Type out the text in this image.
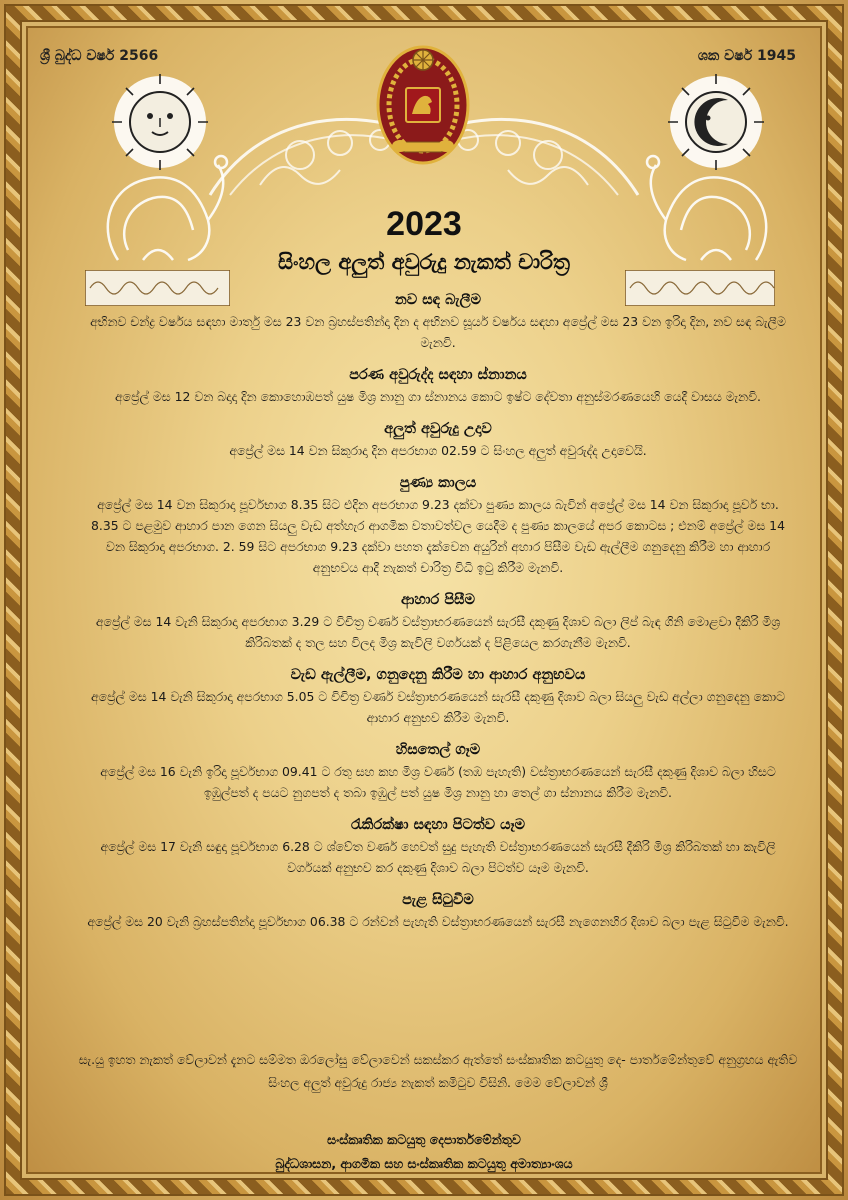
ශ්‍රී බුද්ධ වර්ෂ 2566	ශක වර්ෂ 1945
2023
සිංහල අලුත් අවුරුදු නැකත් චාරිත්‍ර
නව සඳ බැලීම

අභිනව චන්ද්‍ර වර්ෂය සඳහා මාර්තු මස 23 වන බ්‍රහස්පතින්දා දින ද අභිනව සූර්ය වර්ෂය සඳහා අප්‍රේල් මස 23 වන ඉරිදා දින, නව සඳ බැලීම මැනවි.

පරණ අවුරුද්ද සඳහා ස්නානය

අප්‍රේල් මස 12 වන බදාදා දින කොහොඹපත් යුෂ මිශ්‍ර නානු ගා ස්නානය කොට ඉෂ්ට දේවතා අනුස්මරණයෙහි යෙදී වාසය මැනවි.

අලුත් අවුරුදු උදාව

අප්‍රේල් මස 14 වන සිකුරාදා දින අපරභාග 02.59 ට සිංහල අලුත් අවුරුද්ද උදාවෙයි.

පුණ්‍ය කාලය

අප්‍රේල් මස 14 වන සිකුරාදා පූර්වභාග 8.35 සිට එදින අපරභාග 9.23 දක්වා පුණ්‍ය කාලය බැවින් අප්‍රේල් මස 14 වන සිකුරාදා පූර්ව භා. 8.35 ට පළමුව ආහාර පාන ගෙන සියලු වැඩ අත්හැර ආගමික වතාවත්වල යෙදීම ද පුණ්‍ය කාලයේ අපර කොටස ; එනම් අප්‍රේල් මස 14 වන සිකුරාදා අපරභාග. 2. 59 සිට අපරභාග 9.23 දක්වා පහත දැක්වෙන අයුරින් අහාර පිසීම වැඩ ඇල්ලීම ගනුදෙනු කිරීම හා ආහාර අනුභවය ආදී නැකත් චාරිත්‍ර විධි ඉටු කිරීම මැනවි.

ආහාර පිසීම

අප්‍රේල් මස 14 වැනි සිකුරාදා අපරභාග 3.29 ට විචිත්‍ර වර්ණ වස්ත්‍රාභරණයෙන් සැරසී දකුණු දිශාව බලා ලිප් බැඳ ගිනි මොළවා දීකිරි මිශ්‍ර කිරිබතක් ද තල සහ විලද මිශ්‍ර කැවිලි වර්ගයක් ද පිළියෙල කරගැනීම මැනවි.

වැඩ ඇල්ලීම, ගනුදෙනු කිරීම හා ආහාර අනුභවය

අප්‍රේල් මස 14 වැනි සිකුරාදා අපරභාග 5.05 ට විචිත්‍ර වර්ණ වස්ත්‍රාභරණයෙන් සැරසී දකුණු දිශාව බලා සියලු වැඩ අල්ලා ගනුදෙනු කොට ආහාර අනුභව කිරීම මැනවි.

හිසතෙල් ගෑම

අප්‍රේල් මස 16 වැනි ඉරිදා පූර්වභාග 09.41 ට රතු සහ කහ මිශ්‍ර වර්ණ (තඹ පැහැති) වස්ත්‍රාභරණයෙන් සැරසී දකුණු දිශාව බලා හිසට ඉඹුල්පත් ද පයට නුගපත් ද තබා ඉඹුල් පත් යුෂ මිශ්‍ර නානු හා තෙල් ගා ස්නානය කිරීම මැනවි.

රැකිරක්ෂා සඳහා පිටත්ව යෑම

අප්‍රේල් මස 17 වැනි සඳුදා පූර්වභාග 6.28 ට ශ්වේත වර්ණ හෙවත් සුදු පැහැති වස්ත්‍රාභරණයෙන් සැරසී දීකිරි මිශ්‍ර කිරිබතක් හා කැවිලි වර්ගයක් අනුභව කර දකුණු දිශාව බලා පිටත්ව යෑම මැනවි.

පැළ සිටුවීම

අප්‍රේල් මස 20 වැනි බ්‍රහස්පතින්දා පූර්වභාග 06.38 ට රන්වන් පැහැති වස්ත්‍රාභරණයෙන් සැරසී නැගෙනහිර දිශාව බලා පැළ සිටුවීම මැනවි.

සැ.යු ඉහත නැකත් වේලාවන් දැනට සම්මත ඔරලෝසු වේලාවෙන් සකස්කර ඇත්තේ සංස්කෘතික කටයුතු දෙ- පාර්තමේන්තුවේ අනුග්‍රහය ඇතිව සිංහල අලුත් අවුරුදු රාජ්‍ය නැකත් කමිටුව විසිනි. මෙම වේලාවන් ශ්‍රී
සංස්කෘතික කටයුතු දෙපාර්තමේන්තුව
බුද්ධශාසන, ආගමික සහ සංස්කෘතික කටයුතු අමාත්‍යාංශය
